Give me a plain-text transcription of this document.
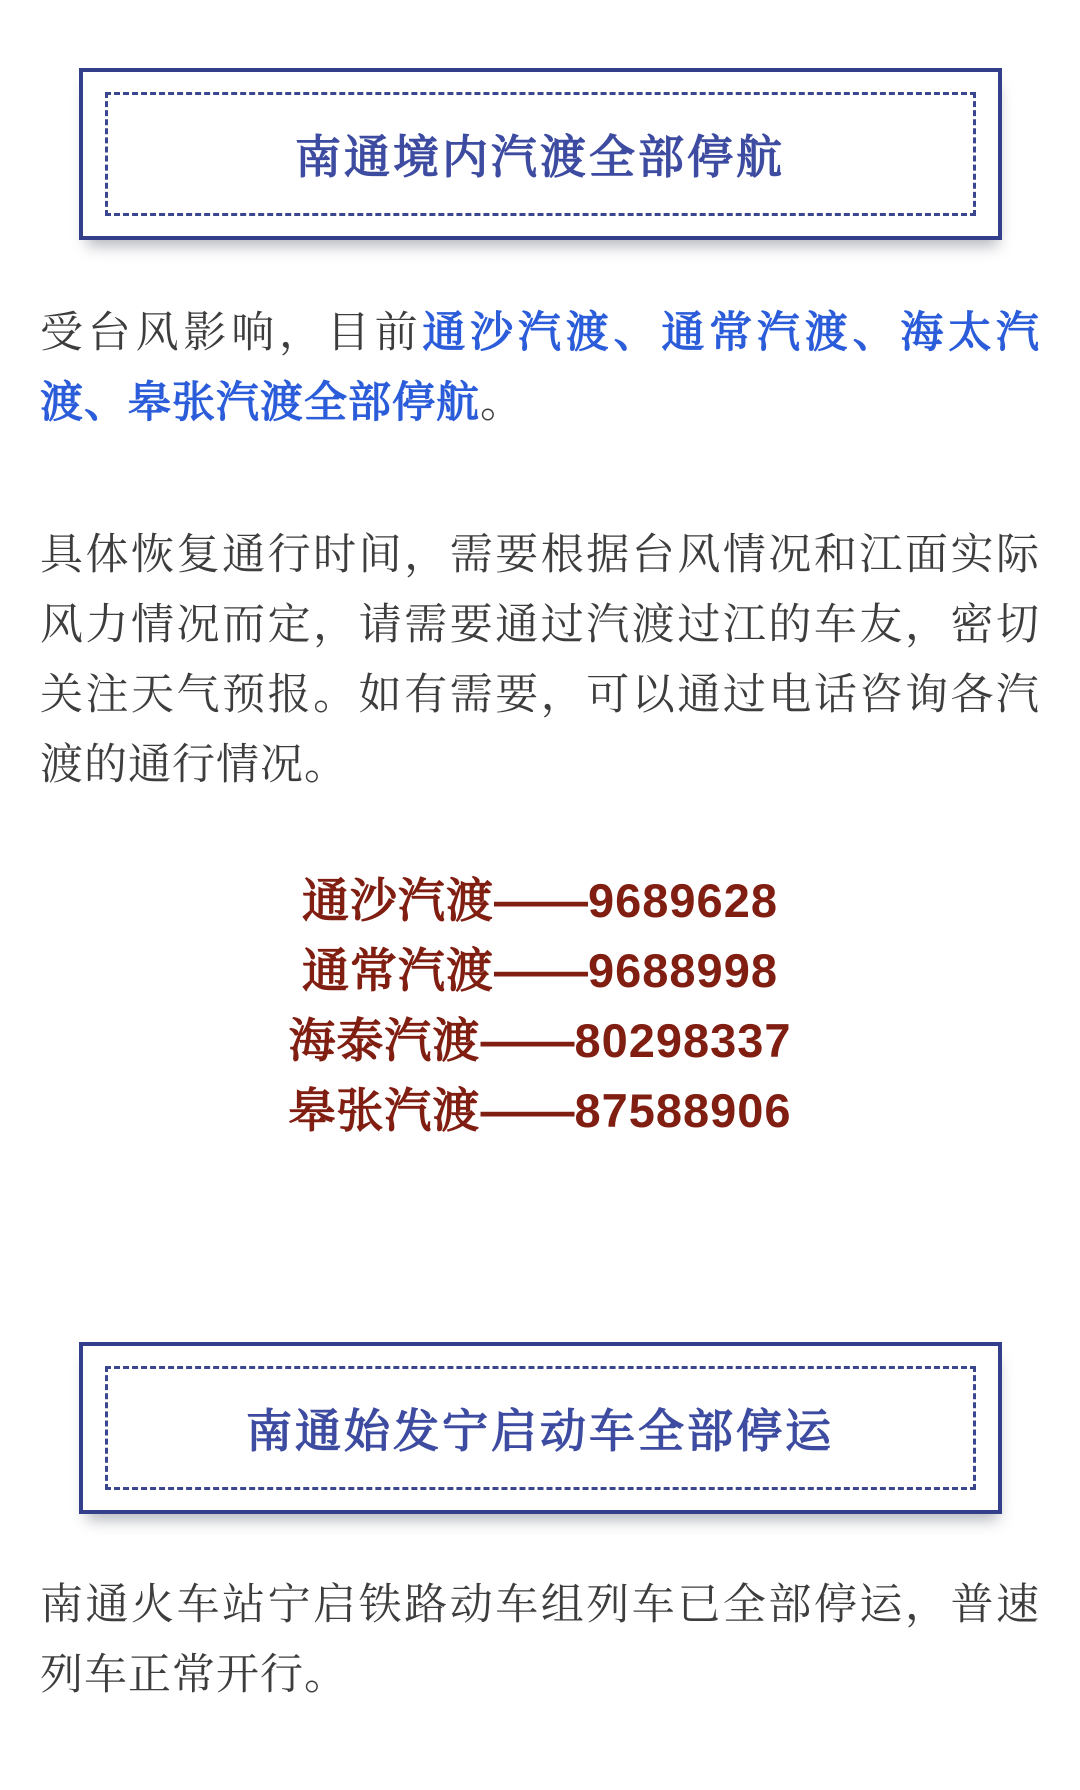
南通境内汽渡全部停航
受台风影响，目前通沙汽渡、通常汽渡、海太汽渡、皋张汽渡全部停航。
具体恢复通行时间，需要根据台风情况和江面实际风力情况而定，请需要通过汽渡过江的车友，密切关注天气预报。如有需要，可以通过电话咨询各汽渡的通行情况。
通沙汽渡——9689628
通常汽渡——9688998
海泰汽渡——80298337
皋张汽渡——87588906
南通始发宁启动车全部停运
南通火车站宁启铁路动车组列车已全部停运，普速列车正常开行。
